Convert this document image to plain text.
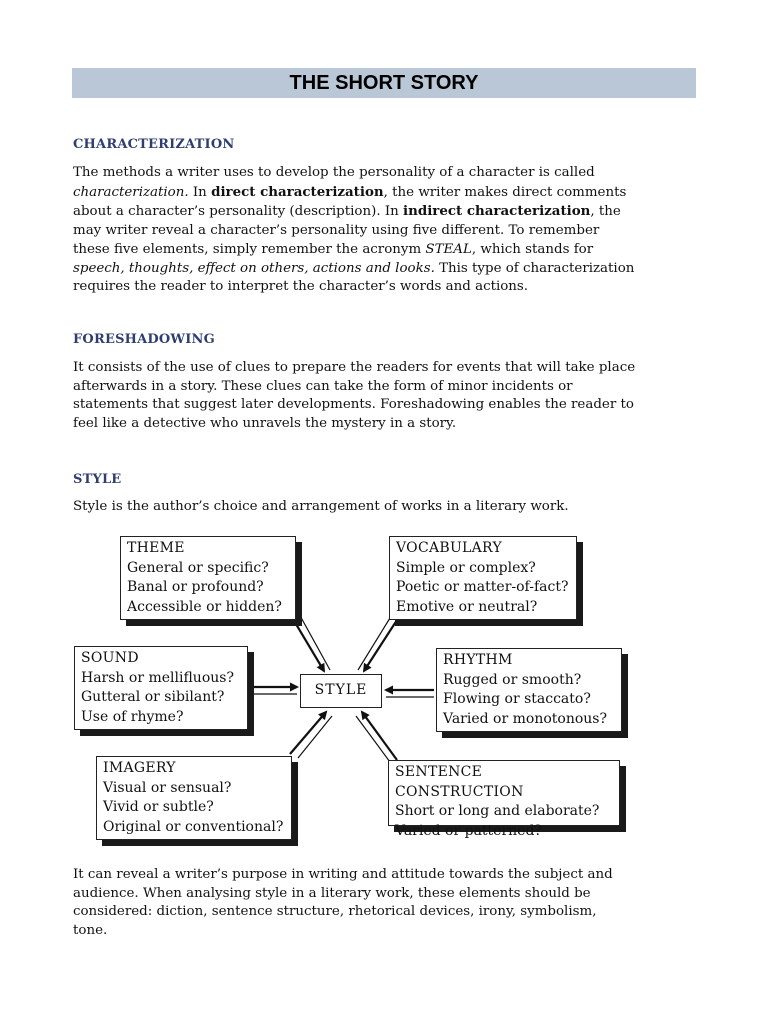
THE SHORT STORY
CHARACTERIZATION
The methods a writer uses to develop the personality of a character is called
characterization. In direct characterization, the writer makes direct comments
about a character’s personality (description). In indirect characterization, the
may writer reveal a character’s personality using five different. To remember
these five elements, simply remember the acronym STEAL, which stands for
speech, thoughts, effect on others, actions and looks. This type of characterization
requires the reader to interpret the character’s words and actions.
FORESHADOWING
It consists of the use of clues to prepare the readers for events that will take place
afterwards in a story. These clues can take the form of minor incidents or
statements that suggest later developments. Foreshadowing enables the reader to
feel like a detective who unravels the mystery in a story.
STYLE
Style is the author’s choice and arrangement of works in a literary work.
STYLE
THEME
General or specific?
Banal or profound?
Accessible or hidden?
VOCABULARY
Simple or complex?
Poetic or matter-of-fact?
Emotive or neutral?
SOUND
Harsh or mellifluous?
Gutteral or sibilant?
Use of rhyme?
RHYTHM
Rugged or smooth?
Flowing or staccato?
Varied or monotonous?
IMAGERY
Visual or sensual?
Vivid or subtle?
Original or conventional?
SENTENCE CONSTRUCTION
Short or long and elaborate?
Varied or patterned?
It can reveal a writer’s purpose in writing and attitude towards the subject and
audience. When analysing style in a literary work, these elements should be
considered: diction, sentence structure, rhetorical devices, irony, symbolism,
tone.
